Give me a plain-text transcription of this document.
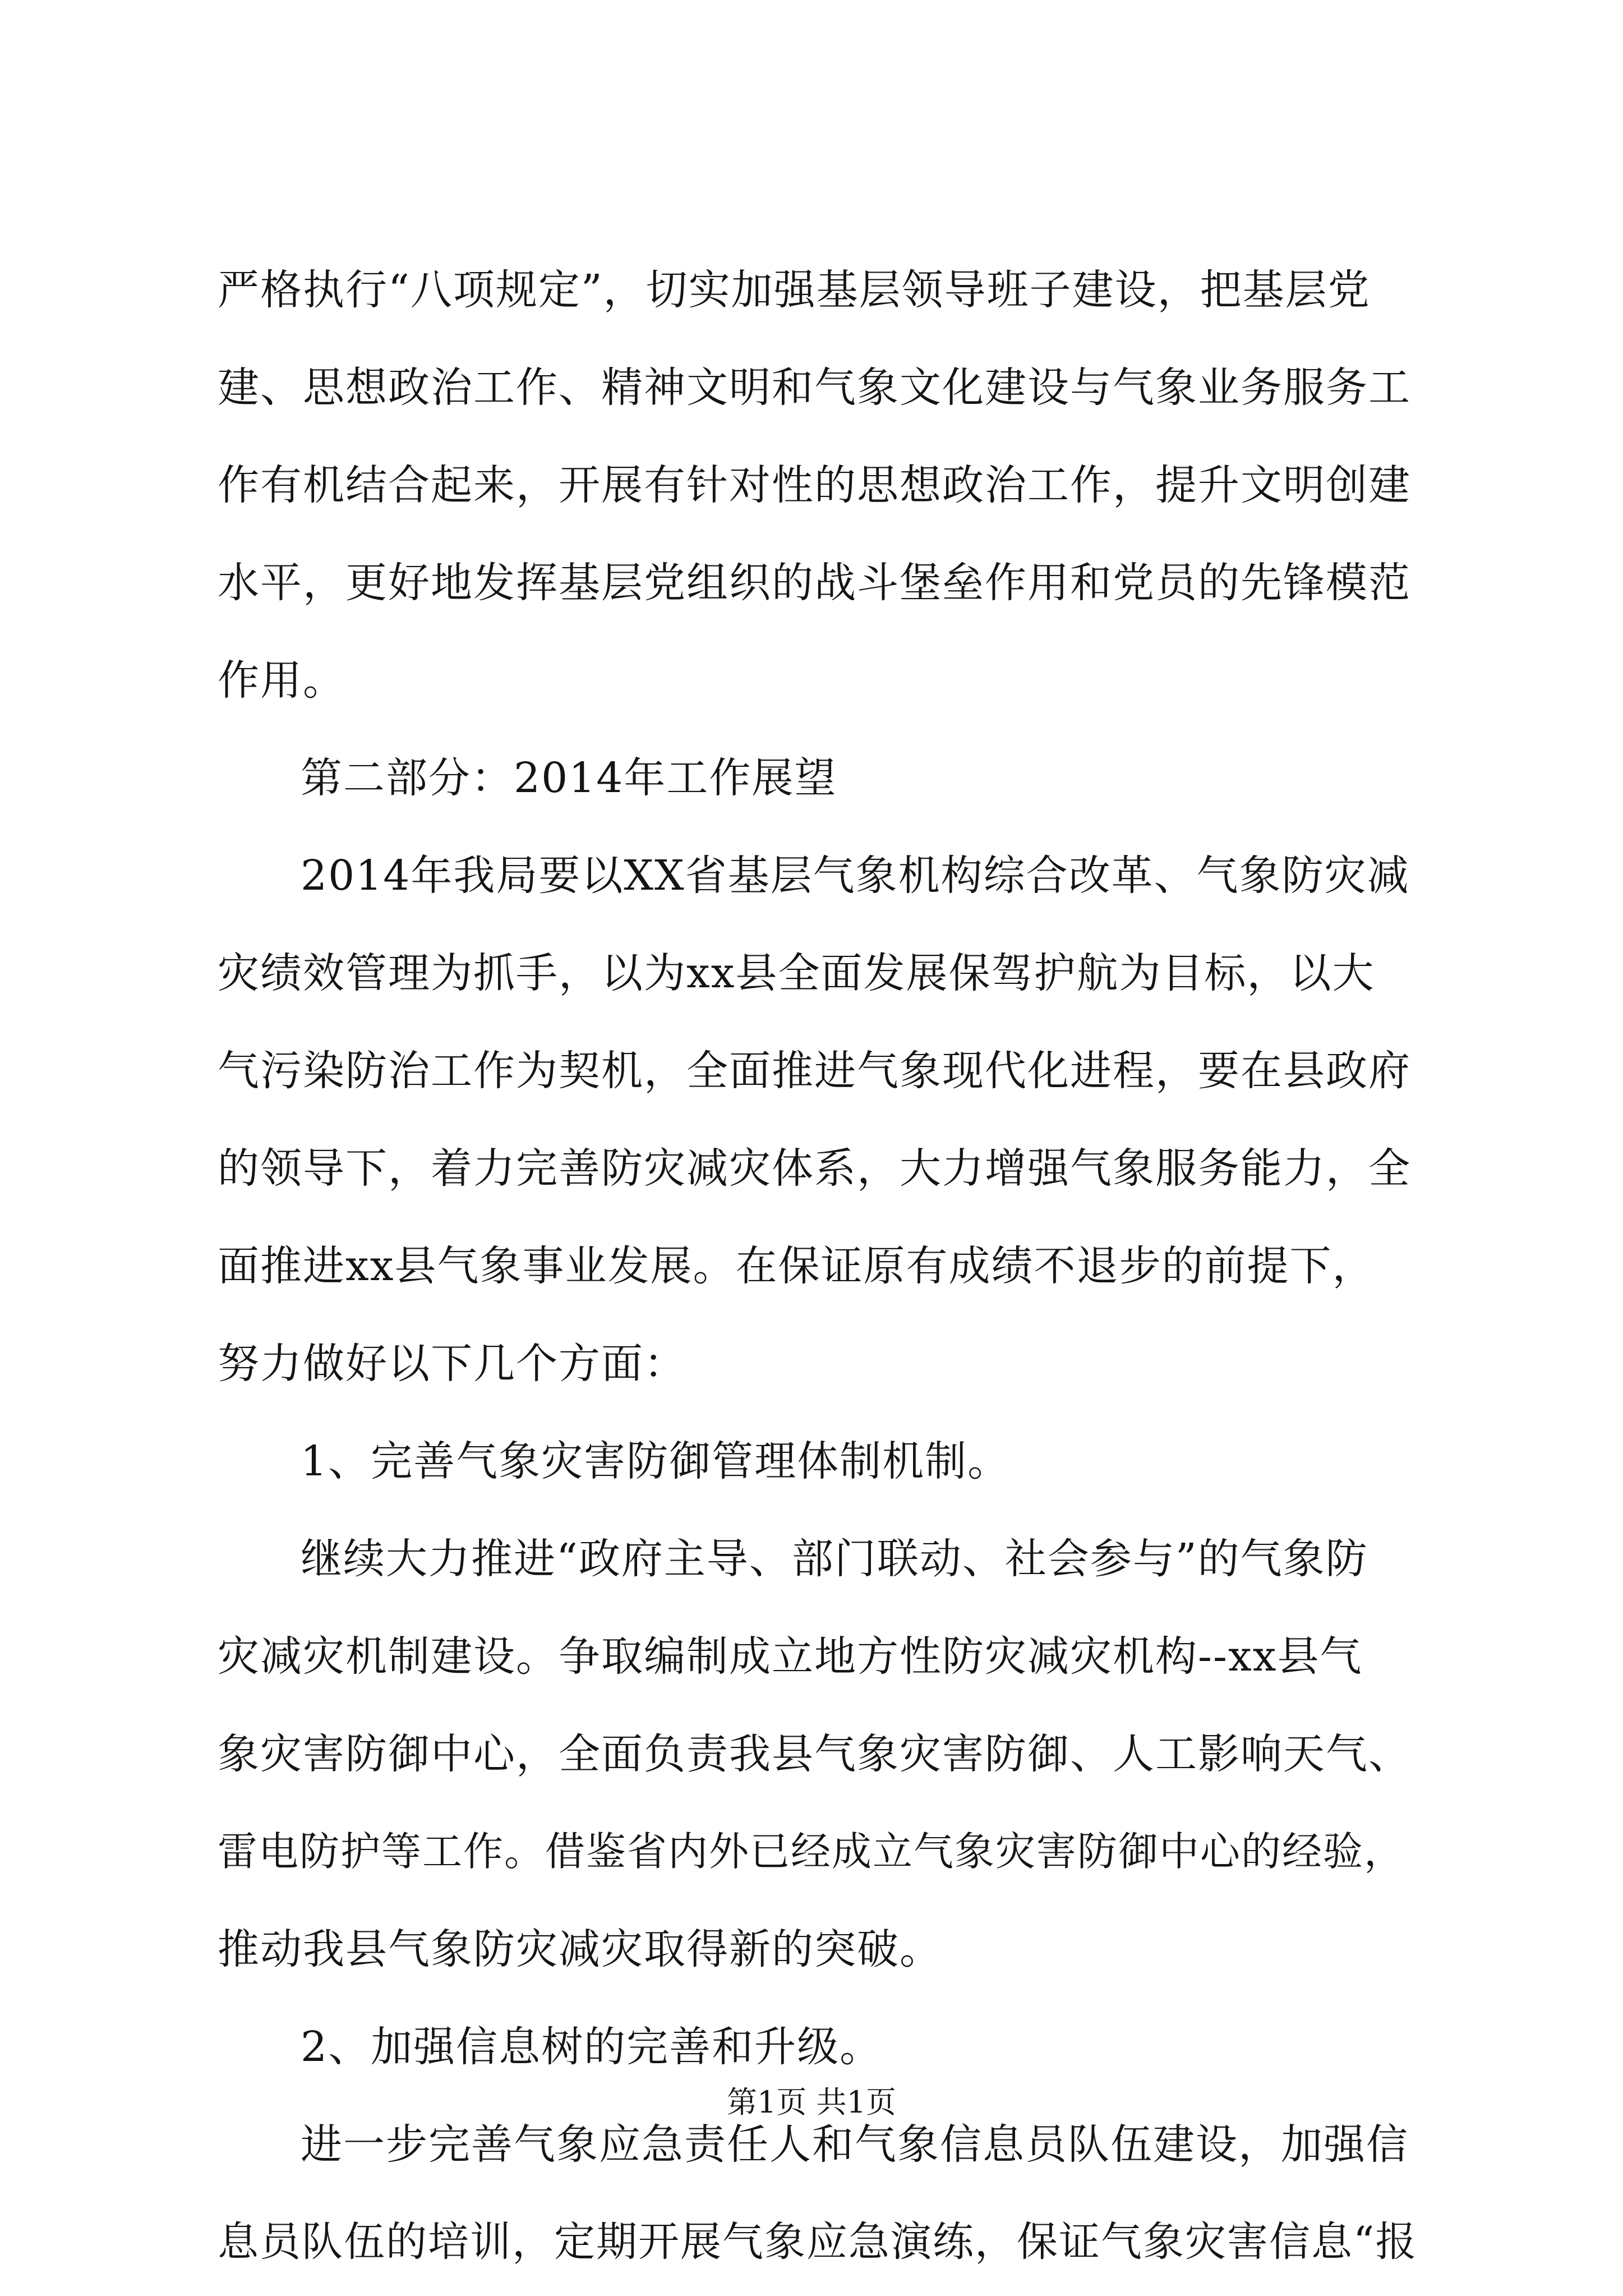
严格执行“八项规定”，切实加强基层领导班子建设，把基层党
建、思想政治工作、精神文明和气象文化建设与气象业务服务工
作有机结合起来，开展有针对性的思想政治工作，提升文明创建
水平，更好地发挥基层党组织的战斗堡垒作用和党员的先锋模范
作用。
第二部分：2014年工作展望
2014年我局要以XX省基层气象机构综合改革、气象防灾减
灾绩效管理为抓手，以为xx县全面发展保驾护航为目标，以大
气污染防治工作为契机，全面推进气象现代化进程，要在县政府
的领导下，着力完善防灾减灾体系，大力增强气象服务能力，全
面推进xx县气象事业发展。在保证原有成绩不退步的前提下，
努力做好以下几个方面：
1、完善气象灾害防御管理体制机制。
继续大力推进“政府主导、部门联动、社会参与”的气象防
灾减灾机制建设。争取编制成立地方性防灾减灾机构--xx县气
象灾害防御中心，全面负责我县气象灾害防御、人工影响天气、
雷电防护等工作。借鉴省内外已经成立气象灾害防御中心的经验，
推动我县气象防灾减灾取得新的突破。
2、加强信息树的完善和升级。
进一步完善气象应急责任人和气象信息员队伍建设，加强信
息员队伍的培训，定期开展气象应急演练，保证气象灾害信息“报
第1页 共1页
